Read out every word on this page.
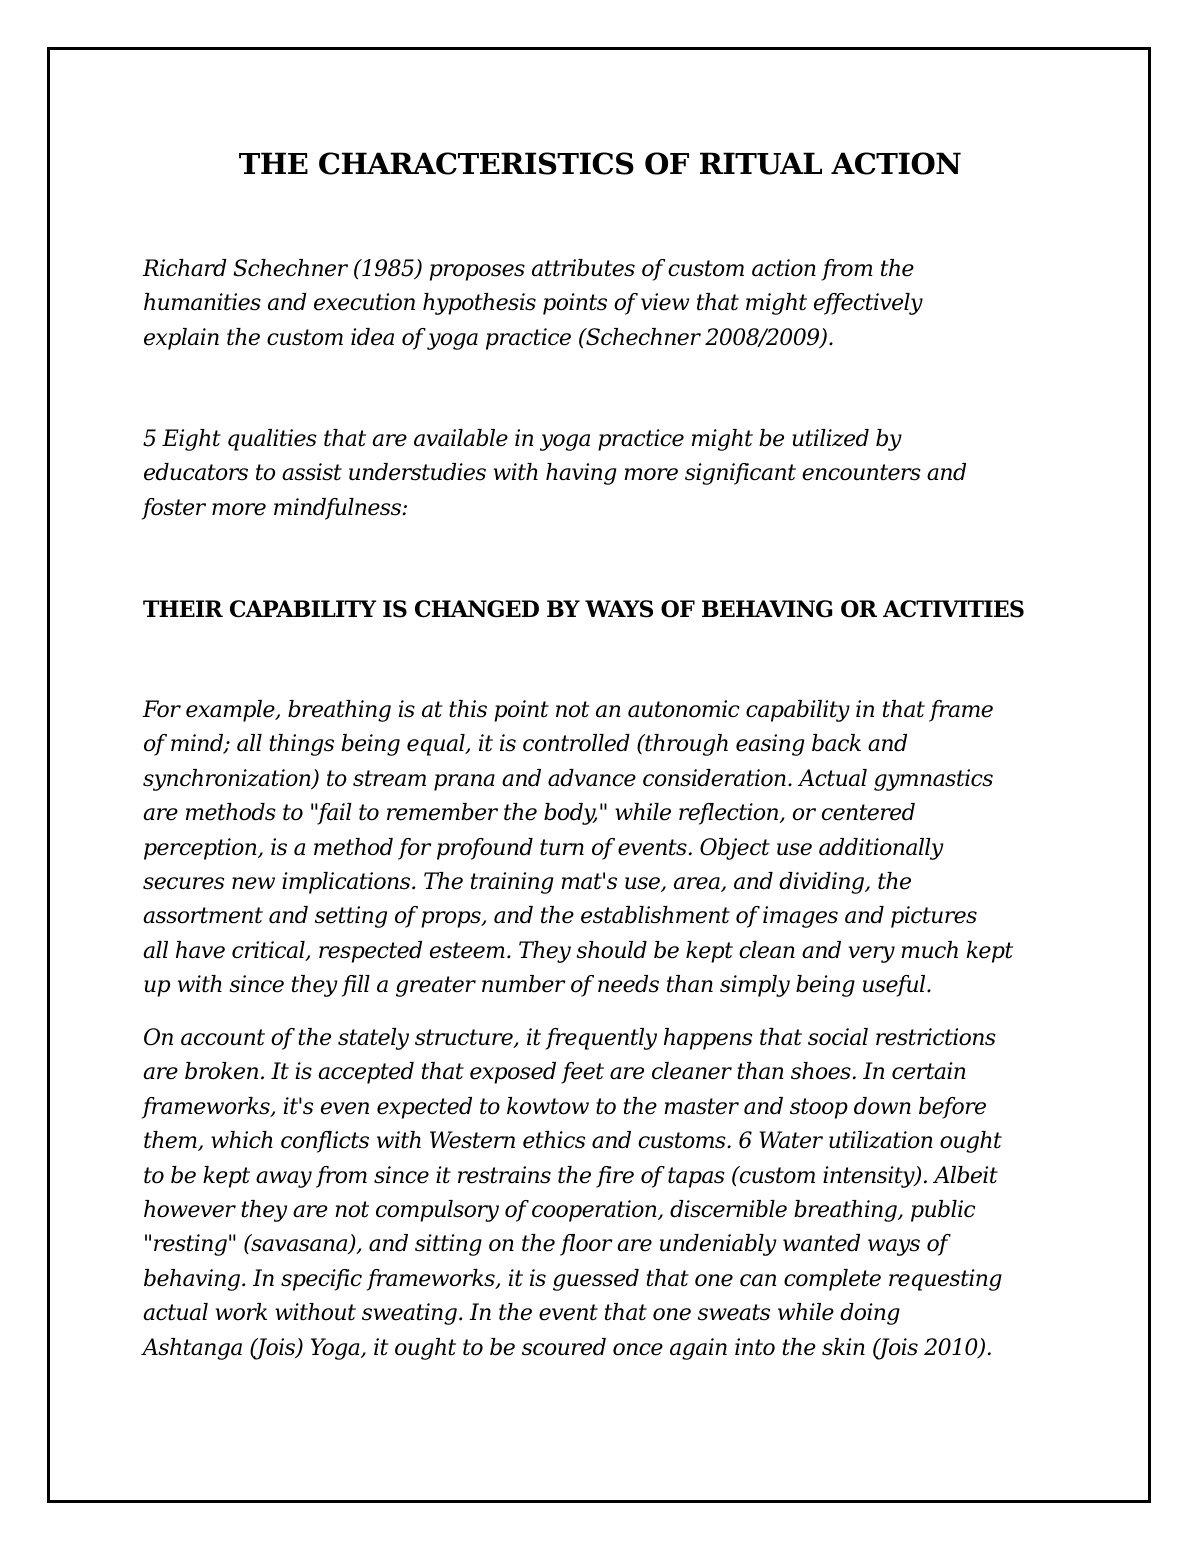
THE CHARACTERISTICS OF RITUAL ACTION

Richard Schechner (1985) proposes attributes of custom action from the
humanities and execution hypothesis points of view that might effectively
explain the custom idea of yoga practice (Schechner 2008/2009).

5 Eight qualities that are available in yoga practice might be utilized by
educators to assist understudies with having more significant encounters and
foster more mindfulness:

THEIR CAPABILITY IS CHANGED BY WAYS OF BEHAVING OR ACTIVITIES

For example, breathing is at this point not an autonomic capability in that frame
of mind; all things being equal, it is controlled (through easing back and
synchronization) to stream prana and advance consideration. Actual gymnastics
are methods to "fail to remember the body," while reflection, or centered
perception, is a method for profound turn of events. Object use additionally
secures new implications. The training mat's use, area, and dividing, the
assortment and setting of props, and the establishment of images and pictures
all have critical, respected esteem. They should be kept clean and very much kept
up with since they fill a greater number of needs than simply being useful.

On account of the stately structure, it frequently happens that social restrictions
are broken. It is accepted that exposed feet are cleaner than shoes. In certain
frameworks, it's even expected to kowtow to the master and stoop down before
them, which conflicts with Western ethics and customs. 6 Water utilization ought
to be kept away from since it restrains the fire of tapas (custom intensity). Albeit
however they are not compulsory of cooperation, discernible breathing, public
"resting" (savasana), and sitting on the floor are undeniably wanted ways of
behaving. In specific frameworks, it is guessed that one can complete requesting
actual work without sweating. In the event that one sweats while doing
Ashtanga (Jois) Yoga, it ought to be scoured once again into the skin (Jois 2010).
